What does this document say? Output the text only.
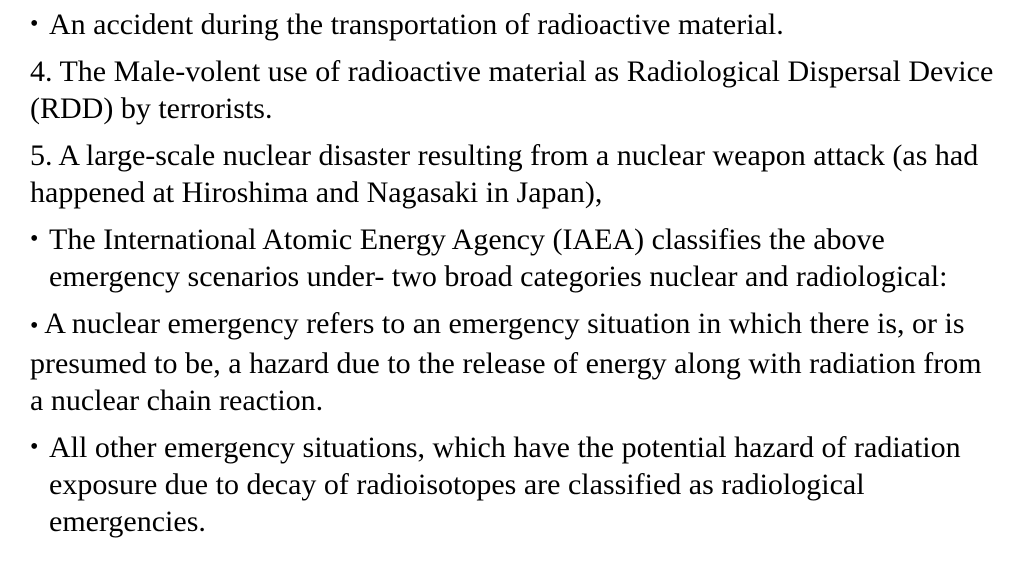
• An accident during the transportation of radioactive material.
4. The Male-volent use of radioactive material as Radiological Dispersal Device (RDD) by terrorists.
5. A large-scale nuclear disaster resulting from a nuclear weapon attack (as had happened at Hiroshima and Nagasaki in Japan),
• The International Atomic Energy Agency (IAEA) classifies the above emergency scenarios under- two broad categories nuclear and radiological:
• A nuclear emergency refers to an emergency situation in which there is, or is presumed to be, a hazard due to the release of energy along with radiation from a nuclear chain reaction.
• All other emergency situations, which have the potential hazard of radiation exposure due to decay of radioisotopes are classified as radiological emergencies.
